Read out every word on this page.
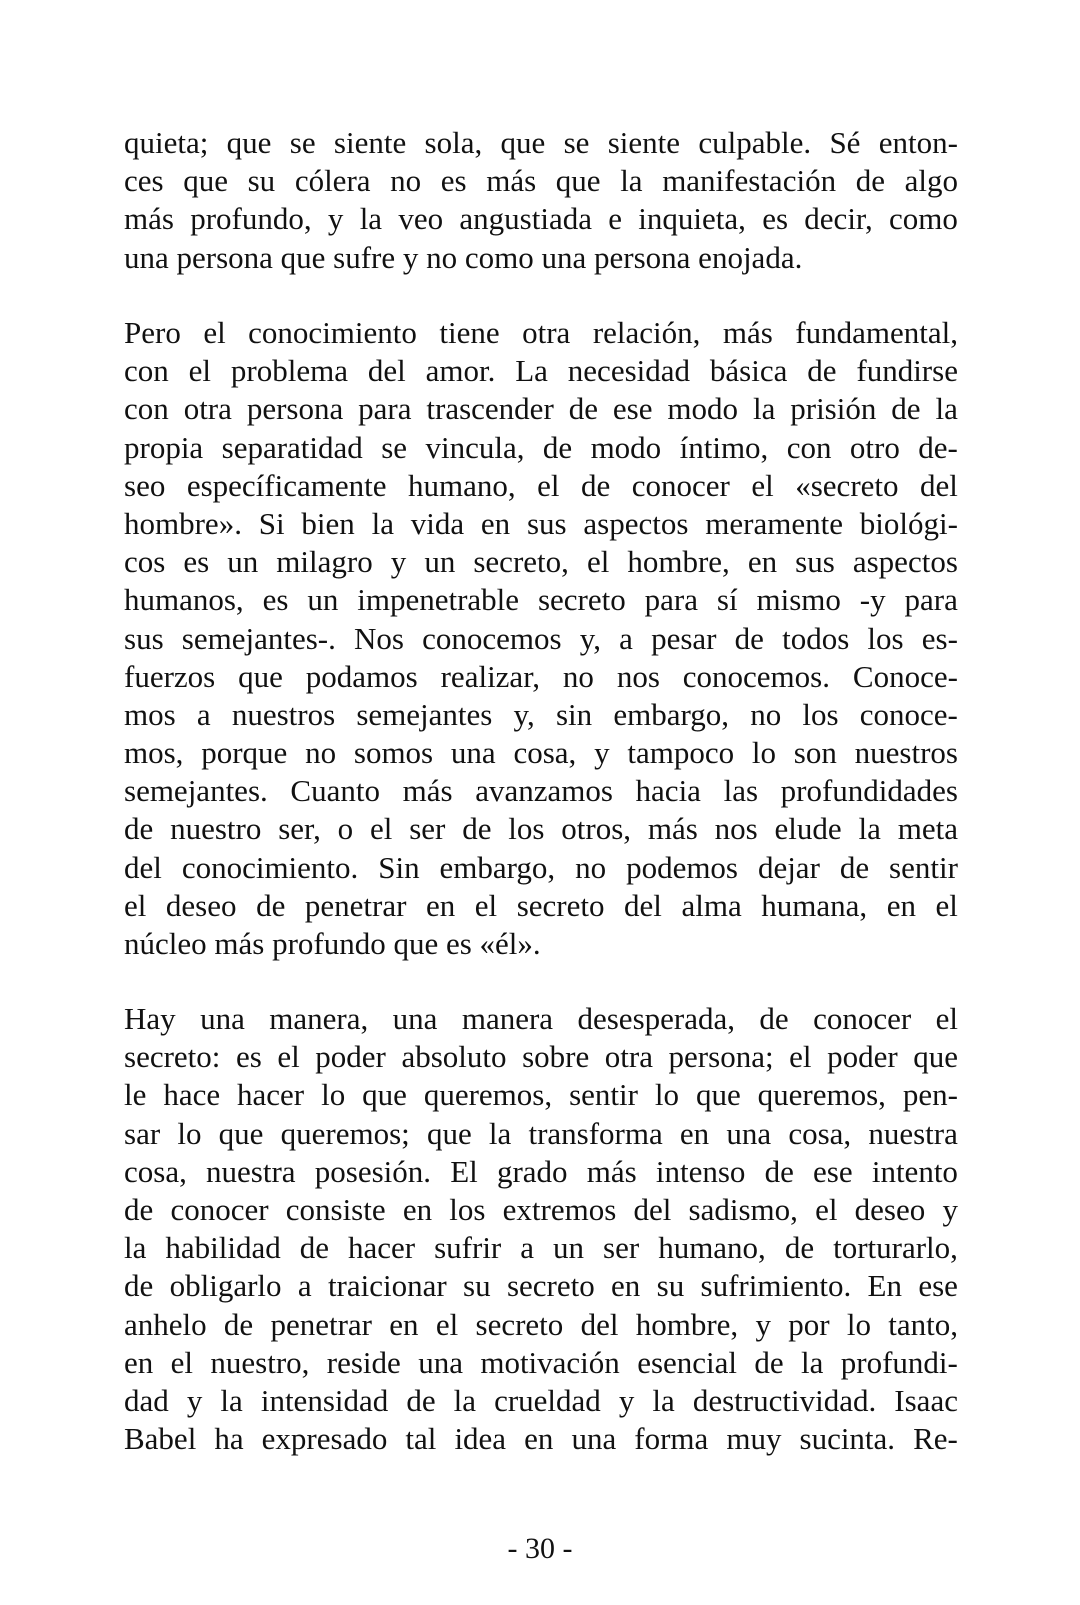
quieta; que se siente sola, que se siente culpable. Sé enton-
ces que su cólera no es más que la manifestación de algo
más profundo, y la veo angustiada e inquieta, es decir, como
una persona que sufre y no como una persona enojada.
Pero el conocimiento tiene otra relación, más fundamental,
con el problema del amor. La necesidad básica de fundirse
con otra persona para trascender de ese modo la prisión de la
propia separatidad se vincula, de modo íntimo, con otro de-
seo específicamente humano, el de conocer el «secreto del
hombre». Si bien la vida en sus aspectos meramente biológi-
cos es un milagro y un secreto, el hombre, en sus aspectos
humanos, es un impenetrable secreto para sí mismo -y para
sus semejantes-. Nos conocemos y, a pesar de todos los es-
fuerzos que podamos realizar, no nos conocemos. Conoce-
mos a nuestros semejantes y, sin embargo, no los conoce-
mos, porque no somos una cosa, y tampoco lo son nuestros
semejantes. Cuanto más avanzamos hacia las profundidades
de nuestro ser, o el ser de los otros, más nos elude la meta
del conocimiento. Sin embargo, no podemos dejar de sentir
el deseo de penetrar en el secreto del alma humana, en el
núcleo más profundo que es «él».
Hay una manera, una manera desesperada, de conocer el
secreto: es el poder absoluto sobre otra persona; el poder que
le hace hacer lo que queremos, sentir lo que queremos, pen-
sar lo que queremos; que la transforma en una cosa, nuestra
cosa, nuestra posesión. El grado más intenso de ese intento
de conocer consiste en los extremos del sadismo, el deseo y
la habilidad de hacer sufrir a un ser humano, de torturarlo,
de obligarlo a traicionar su secreto en su sufrimiento. En ese
anhelo de penetrar en el secreto del hombre, y por lo tanto,
en el nuestro, reside una motivación esencial de la profundi-
dad y la intensidad de la crueldad y la destructividad. Isaac
Babel ha expresado tal idea en una forma muy sucinta. Re-
- 30 -
